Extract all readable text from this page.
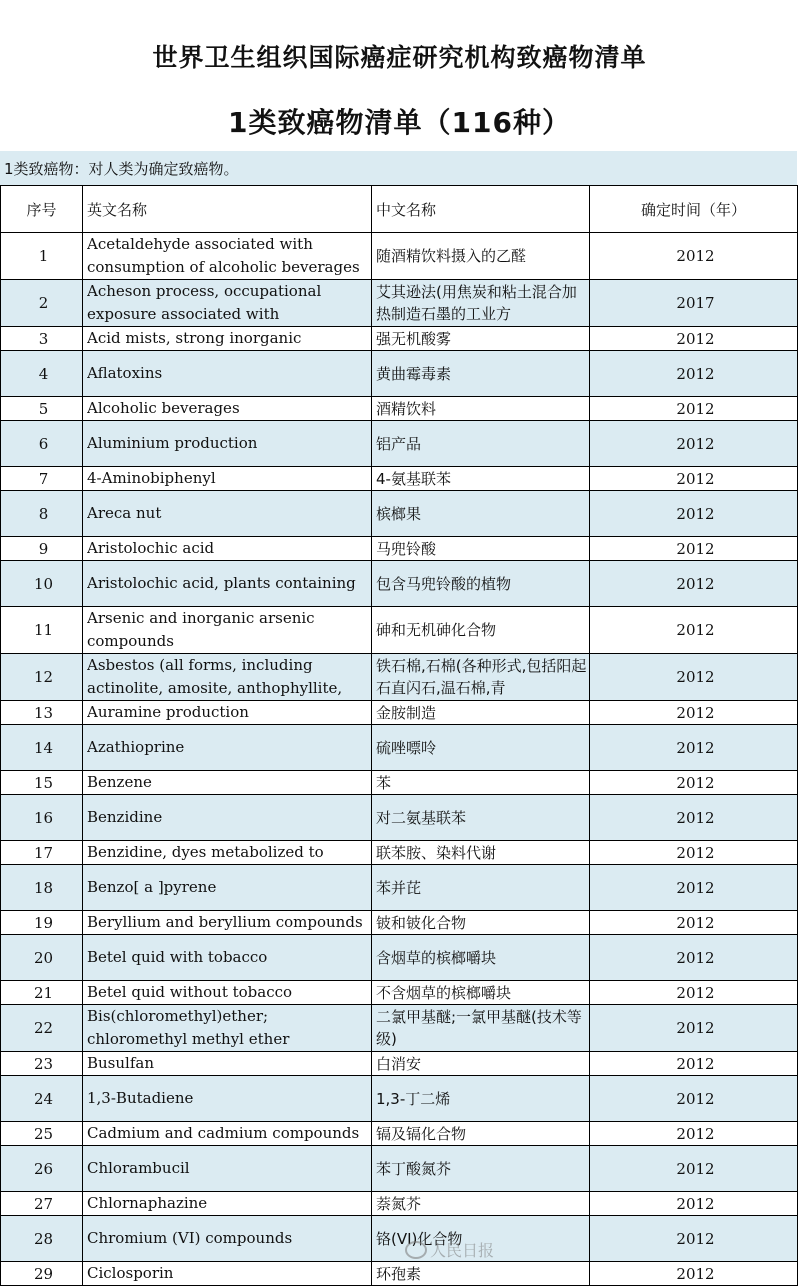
世界卫生组织国际癌症研究机构致癌物清单
1类致癌物清单（116种）
1类致癌物：对人类为确定致癌物。
序号	英文名称	中文名称	确定时间（年）

1	Acetaldehyde associated with consumption of alcoholic beverages	随酒精饮料摄入的乙醛	2012

2	Acheson process, occupational exposure associated with	艾其逊法(用焦炭和粘土混合加热制造石墨的工业方	2017

3	Acid mists, strong inorganic	强无机酸雾	2012

4	Aflatoxins	黄曲霉毒素	2012

5	Alcoholic beverages	酒精饮料	2012

6	Aluminium production	铝产品	2012

7	4-Aminobiphenyl	4-氨基联苯	2012

8	Areca nut	槟榔果	2012

9	Aristolochic acid	马兜铃酸	2012

10	Aristolochic acid, plants containing	包含马兜铃酸的植物	2012

11	Arsenic and inorganic arsenic compounds	砷和无机砷化合物	2012

12	Asbestos (all forms, including actinolite, amosite, anthophyllite,	铁石棉,石棉(各种形式,包括阳起石直闪石,温石棉,青	2012

13	Auramine production	金胺制造	2012

14	Azathioprine	硫唑嘌呤	2012

15	Benzene	苯	2012

16	Benzidine	对二氨基联苯	2012

17	Benzidine, dyes metabolized to	联苯胺、染料代谢	2012

18	Benzo[ a ]pyrene	苯并芘	2012

19	Beryllium and beryllium compounds	铍和铍化合物	2012

20	Betel quid with tobacco	含烟草的槟榔嚼块	2012

21	Betel quid without tobacco	不含烟草的槟榔嚼块	2012

22	Bis(chloromethyl)ether; chloromethyl methyl ether	二氯甲基醚;一氯甲基醚(技术等级)	2012

23	Busulfan	白消安	2012

24	1,3-Butadiene	1,3-丁二烯	2012

25	Cadmium and cadmium compounds	镉及镉化合物	2012

26	Chlorambucil	苯丁酸氮芥	2012

27	Chlornaphazine	萘氮芥	2012

28	Chromium (VI) compounds	铬(VI)化合物	2012

29	Ciclosporin	环孢素	2012
人民日报
